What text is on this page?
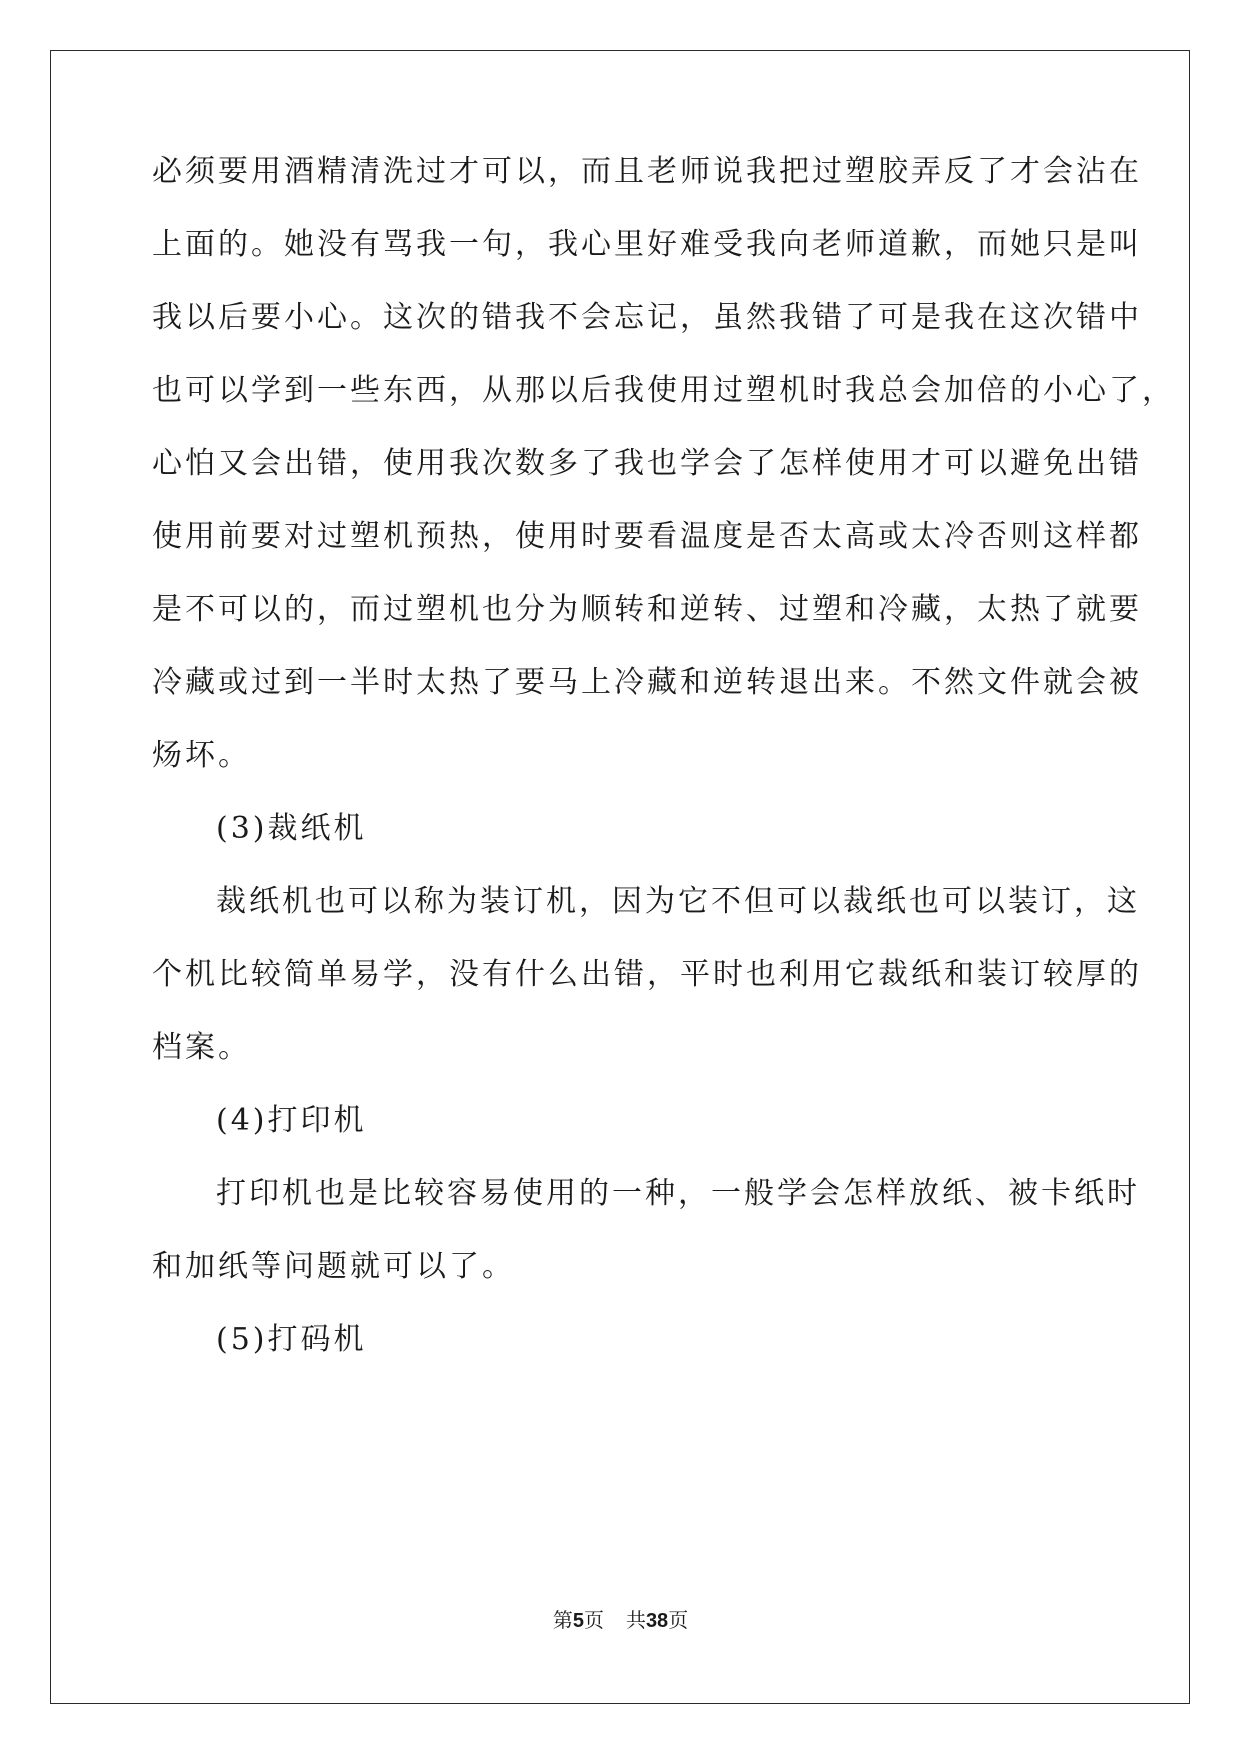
必须要用酒精清洗过才可以，而且老师说我把过塑胶弄反了才会沾在
上面的。她没有骂我一句，我心里好难受我向老师道歉，而她只是叫
我以后要小心。这次的错我不会忘记，虽然我错了可是我在这次错中
也可以学到一些东西，从那以后我使用过塑机时我总会加倍的小心了，
心怕又会出错，使用我次数多了我也学会了怎样使用才可以避免出错
使用前要对过塑机预热，使用时要看温度是否太高或太冷否则这样都
是不可以的，而过塑机也分为顺转和逆转、过塑和冷藏，太热了就要
冷藏或过到一半时太热了要马上冷藏和逆转退出来。不然文件就会被
炀坏。
(3)裁纸机
裁纸机也可以称为装订机，因为它不但可以裁纸也可以装订，这
个机比较简单易学，没有什么出错，平时也利用它裁纸和装订较厚的
档案。
(4)打印机
打印机也是比较容易使用的一种，一般学会怎样放纸、被卡纸时
和加纸等问题就可以了。
(5)打码机
第5页 共38页
